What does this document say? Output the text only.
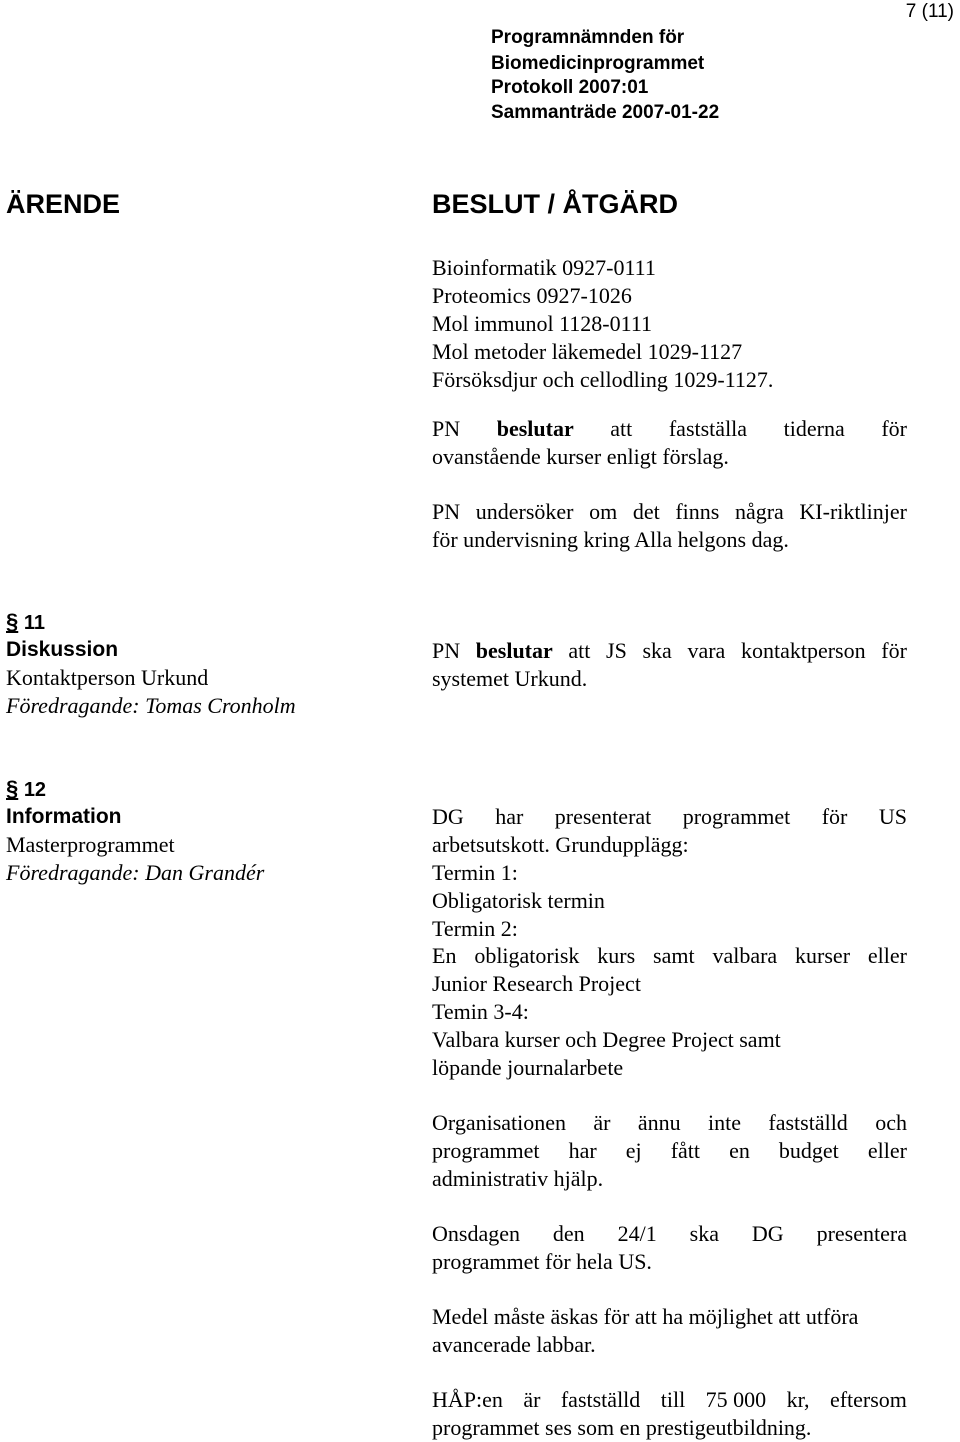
7 (11)
Programnämnden för
Biomedicinprogrammet
Protokoll 2007:01
Sammanträde 2007-01-22
ÄRENDE	BESLUT / ÅTGÄRD
Bioinformatik 0927-0111
Proteomics 0927-1026
Mol immunol 1128-0111
Mol metoder läkemedel 1029-1127
Försöksdjur och cellodling 1029-1127.
PN beslutar att fastställa tiderna för
ovanstående kurser enligt förslag.
PN undersöker om det finns några KI-riktlinjer
för undervisning kring Alla helgons dag.
§ 11
Diskussion
Kontaktperson Urkund
Föredragande: Tomas Cronholm
PN beslutar att JS ska vara kontaktperson för
systemet Urkund.
§ 12
Information
Masterprogrammet
Föredragande: Dan Grandér
DG har presenterat programmet för US
arbetsutskott. Grundupplägg:
Termin 1:
Obligatorisk termin
Termin 2:
En obligatorisk kurs samt valbara kurser eller
Junior Research Project
Temin 3-4:
Valbara kurser och Degree Project samt
löpande journalarbete
Organisationen är ännu inte fastställd och
programmet har ej fått en budget eller
administrativ hjälp.
Onsdagen den 24/1 ska DG presentera
programmet för hela US.
Medel måste äskas för att ha möjlighet att utföra
avancerade labbar.
HÅP:en är fastställd till 75 000 kr, eftersom
programmet ses som en prestigeutbildning.
